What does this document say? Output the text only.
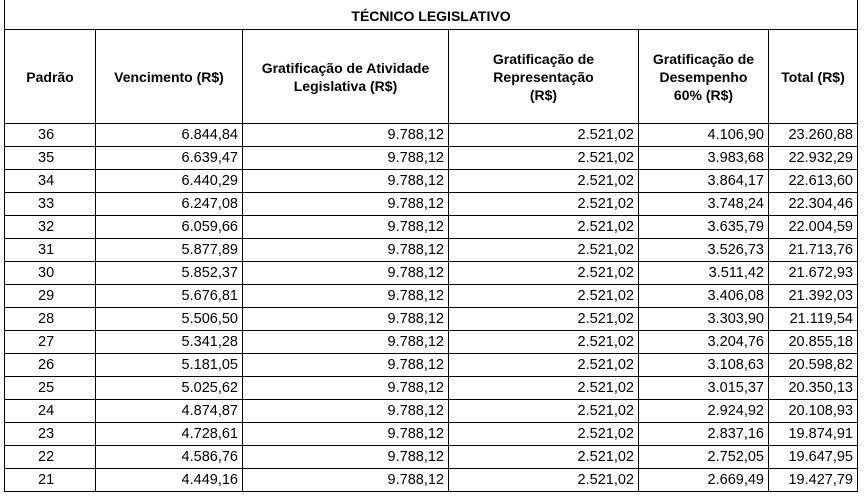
TÉCNICO LEGISLATIVO					
Padrão	Vencimento (R$)	Gratificação de Atividade Legislativa (R$)	Gratificação de Representação (R$)	Gratificação de Desempenho 60% (R$)	Total (R$)
36	6.844,84	9.788,12	2.521,02	4.106,90	23.260,88
35	6.639,47	9.788,12	2.521,02	3.983,68	22.932,29
34	6.440,29	9.788,12	2.521,02	3.864,17	22.613,60
33	6.247,08	9.788,12	2.521,02	3.748,24	22.304,46
32	6.059,66	9.788,12	2.521,02	3.635,79	22.004,59
31	5.877,89	9.788,12	2.521,02	3.526,73	21.713,76
30	5.852,37	9.788,12	2.521,02	3.511,42	21.672,93
29	5.676,81	9.788,12	2.521,02	3.406,08	21.392,03
28	5.506,50	9.788,12	2.521,02	3.303,90	21.119,54
27	5.341,28	9.788,12	2.521,02	3.204,76	20.855,18
26	5.181,05	9.788,12	2.521,02	3.108,63	20.598,82
25	5.025,62	9.788,12	2.521,02	3.015,37	20.350,13
24	4.874,87	9.788,12	2.521,02	2.924,92	20.108,93
23	4.728,61	9.788,12	2.521,02	2.837,16	19.874,91
22	4.586,76	9.788,12	2.521,02	2.752,05	19.647,95
21	4.449,16	9.788,12	2.521,02	2.669,49	19.427,79
